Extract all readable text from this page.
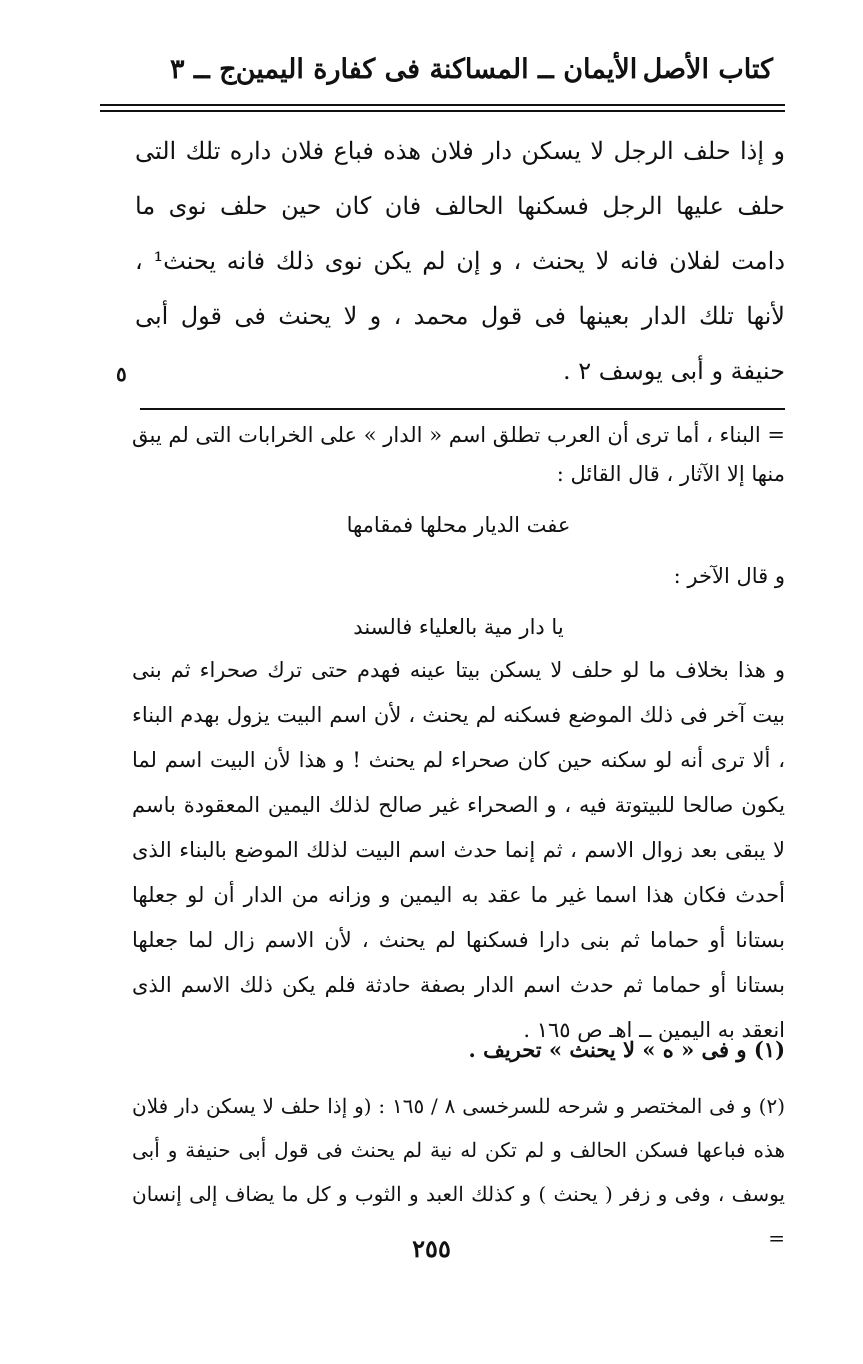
كتاب الأصل
الأيمان ــ المساكنة فى كفارة اليمين
ج ــ ٣

و إذا حلف الرجل لا يسكن دار فلان هذه فباع فلان داره تلك التى حلف عليها الرجل فسكنها الحالف فان كان حين حلف نوى ما دامت لفلان فانه لا يحنث ، و إن لم يكن نوى ذلك فانه يحنث¹ ، لأنها تلك الدار بعينها فى قول محمد ، و لا يحنث فى قول أبى حنيفة و أبى يوسف ٢ .

٥

= البناء ، أما ترى أن العرب تطلق اسم « الدار » على الخرابات التى لم يبق منها إلا الآثار ، قال القائل :

عفت الديار محلها فمقامها

و قال الآخر :

يا دار مية بالعلياء فالسند

و هذا بخلاف ما لو حلف لا يسكن بيتا عينه فهدم حتى ترك صحراء ثم بنى بيت آخر فى ذلك الموضع فسكنه لم يحنث ، لأن اسم البيت يزول بهدم البناء ، ألا ترى أنه لو سكنه حين كان صحراء لم يحنث ! و هذا لأن البيت اسم لما يكون صالحا للبيتوتة فيه ، و الصحراء غير صالح لذلك اليمين المعقودة باسم لا يبقى بعد زوال الاسم ، ثم إنما حدث اسم البيت لذلك الموضع بالبناء الذى أحدث فكان هذا اسما غير ما عقد به اليمين و وزانه من الدار أن لو جعلها بستانا أو حماما ثم بنى دارا فسكنها لم يحنث ، لأن الاسم زال لما جعلها بستانا أو حماما ثم حدث اسم الدار بصفة حادثة فلم يكن ذلك الاسم الذى انعقد به اليمين ــ اهـ ص ١٦٥ .

(١) و فى « ه » لا يحنث » تحريف .

(٢) و فى المختصر و شرحه للسرخسى ٨ / ١٦٥ : (و إذا حلف لا يسكن دار فلان هذه فباعها فسكن الحالف و لم تكن له نية لم يحنث فى قول أبى حنيفة و أبى يوسف ، وفى و زفر ( يحنث ) و كذلك العبد و الثوب و كل ما يضاف إلى إنسان =

٢٥٥
